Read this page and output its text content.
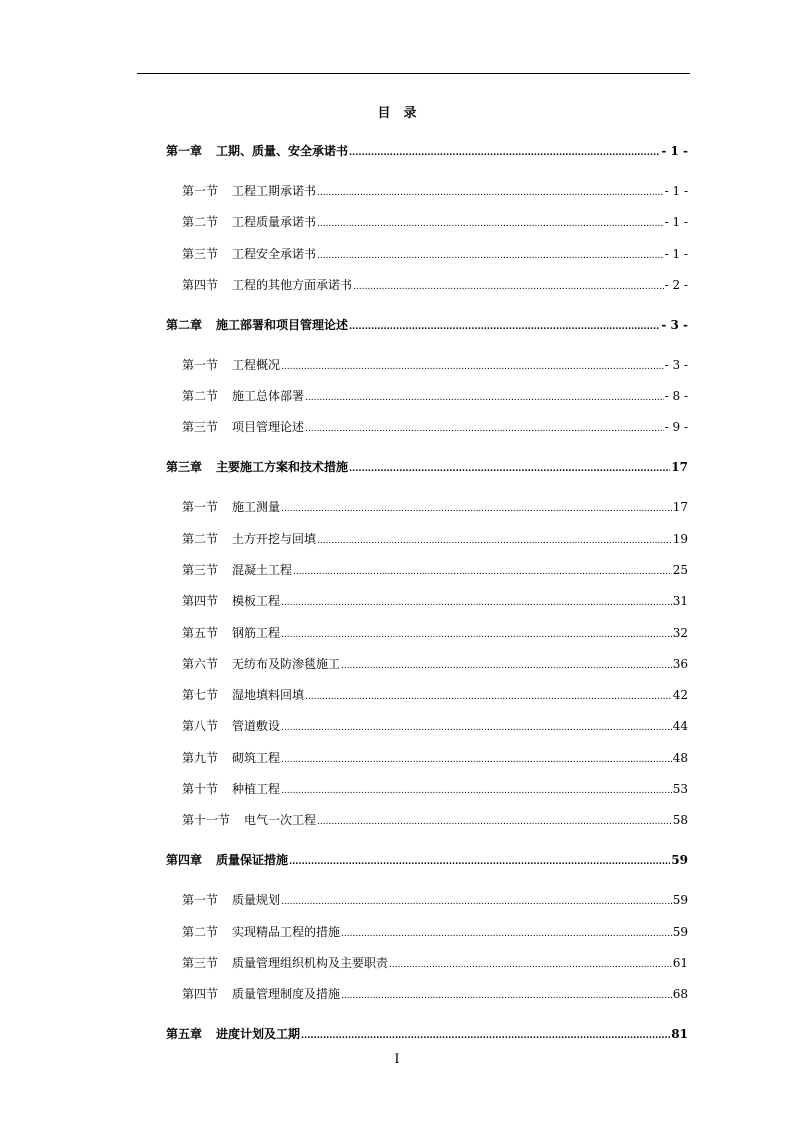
目　录
第一章 工期、质量、安全承诺书 .....	- 1 -
第一节 工程工期承诺书 .....	- 1 -
第二节 工程质量承诺书 .....	- 1 -
第三节 工程安全承诺书 .....	- 1 -
第四节 工程的其他方面承诺书 .....	- 2 -
第二章 施工部署和项目管理论述 .....	- 3 -
第一节 工程概况 .....	- 3 -
第二节 施工总体部署 .....	- 8 -
第三节 项目管理论述 .....	- 9 -
第三章 主要施工方案和技术措施 .....	17
第一节 施工测量 .....	17
第二节 土方开挖与回填 .....	19
第三节 混凝土工程 .....	25
第四节 模板工程 .....	31
第五节 钢筋工程 .....	32
第六节 无纺布及防渗毯施工 .....	36
第七节 湿地填料回填 .....	42
第八节 管道敷设 .....	44
第九节 砌筑工程 .....	48
第十节 种植工程 .....	53
第十一节 电气一次工程 .....	58
第四章 质量保证措施 .....	59
第一节 质量规划 .....	59
第二节 实现精品工程的措施 .....	59
第三节 质量管理组织机构及主要职责 .....	61
第四节 质量管理制度及措施 .....	68
第五章 进度计划及工期 .....	81
I
